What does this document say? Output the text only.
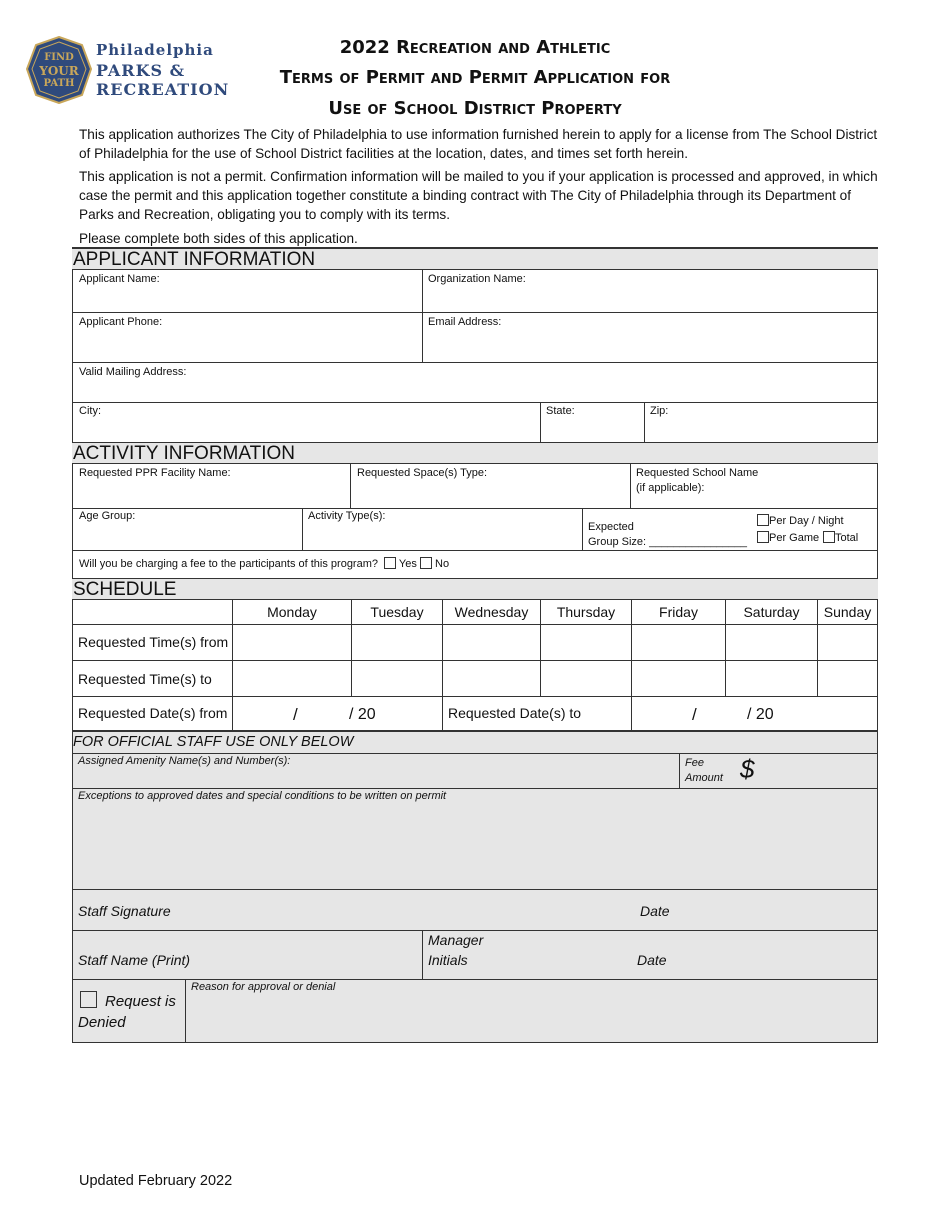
FIND
YOUR
PATH
Philadelphia
PARKS &
RECREATION
2022 Recreation and Athletic
Terms of Permit and Permit Application for
Use of School District Property
This application authorizes The City of Philadelphia to use information furnished herein to apply for a license from The School District of Philadelphia for the use of School District facilities at the location, dates, and times set forth herein.
This application is not a permit. Confirmation information will be mailed to you if your application is processed and approved, in which case the permit and this application together constitute a binding contract with The City of Philadelphia through its Department of Parks and Recreation, obligating you to comply with its terms.
Please complete both sides of this application.
APPLICANT INFORMATION
Applicant Name:	Organization Name:
Applicant Phone:	Email Address:
Valid Mailing Address:
City:	State:	Zip:
ACTIVITY INFORMATION
Requested PPR Facility Name:	Requested Space(s) Type:	Requested School Name
(if applicable):
Age Group:	Activity Type(s):
Expected
Group Size: ________________
Per Day / Night
Per Game	Total
Will you be charging a fee to the participants of this program? Yes No
SCHEDULE
Monday	Tuesday	Wednesday	Thursday	Friday	Saturday	Sunday
Requested Time(s) from
Requested Time(s) to
Requested Date(s) from	/	/ 20	Requested Date(s) to	/	/ 20
FOR OFFICIAL STAFF USE ONLY BELOW
Assigned Amenity Name(s) and Number(s):	Fee
Amount $
Exceptions to approved dates and special conditions to be written on permit
Staff Signature	Date
Staff Name (Print)
Manager
Initials	Date
Request is
Denied
Reason for approval or denial
Updated February 2022
